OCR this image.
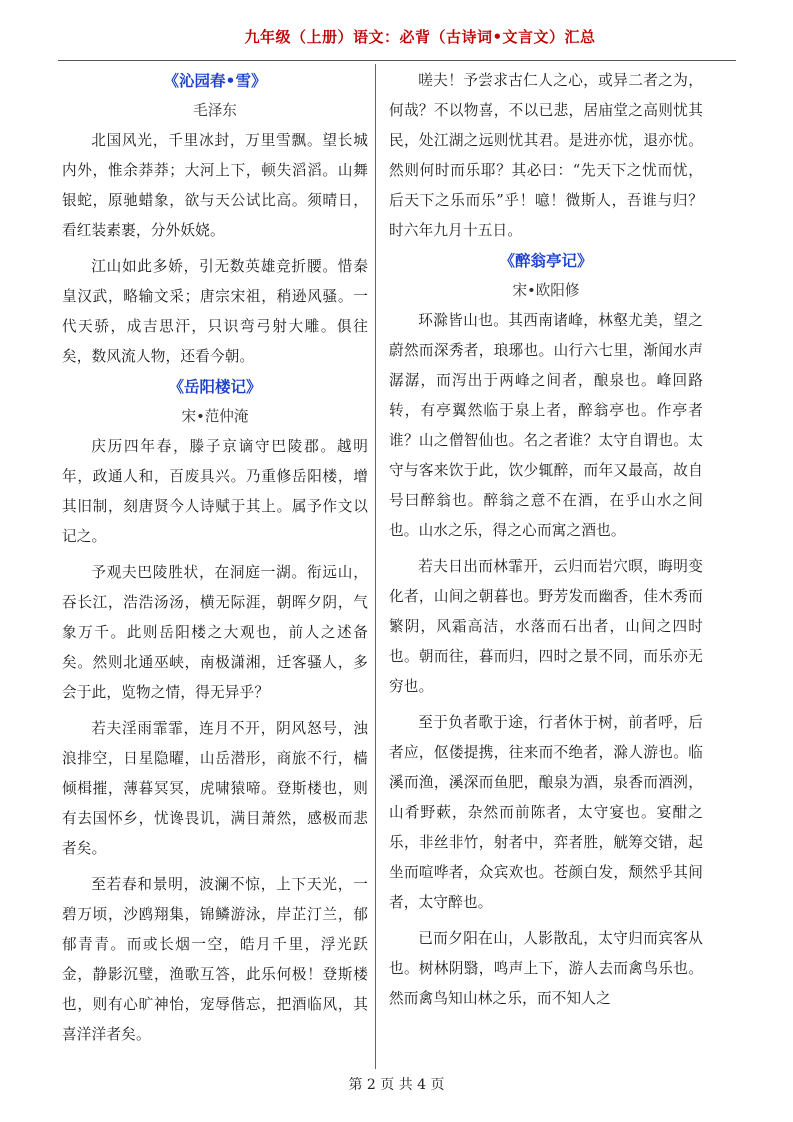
九年级（上册）语文：必背（古诗词•文言文）汇总
《沁园春•雪》
毛泽东

北国风光，千里冰封，万里雪飘。望长城内外，惟余莽莽；大河上下，顿失滔滔。山舞银蛇，原驰蜡象，欲与天公试比高。须晴日，看红装素裹，分外妖娆。

江山如此多娇，引无数英雄竞折腰。惜秦皇汉武，略输文采；唐宗宋祖，稍逊风骚。一代天骄，成吉思汗，只识弯弓射大雕。俱往矣，数风流人物，还看今朝。

《岳阳楼记》
宋•范仲淹

庆历四年春，滕子京谪守巴陵郡。越明年，政通人和，百废具兴。乃重修岳阳楼，增其旧制，刻唐贤今人诗赋于其上。属予作文以记之。

予观夫巴陵胜状，在洞庭一湖。衔远山，吞长江，浩浩汤汤，横无际涯，朝晖夕阴，气象万千。此则岳阳楼之大观也，前人之述备矣。然则北通巫峡，南极潇湘，迁客骚人，多会于此，览物之情，得无异乎？

若夫淫雨霏霏，连月不开，阴风怒号，浊浪排空，日星隐曜，山岳潜形，商旅不行，樯倾楫摧，薄暮冥冥，虎啸猿啼。登斯楼也，则有去国怀乡，忧谗畏讥，满目萧然，感极而悲者矣。

至若春和景明，波澜不惊，上下天光，一碧万顷，沙鸥翔集，锦鳞游泳，岸芷汀兰，郁郁青青。而或长烟一空，皓月千里，浮光跃金，静影沉璧，渔歌互答，此乐何极！登斯楼也，则有心旷神怡，宠辱偕忘，把酒临风，其喜洋洋者矣。

嗟夫！予尝求古仁人之心，或异二者之为，何哉？不以物喜，不以已悲，居庙堂之高则忧其民，处江湖之远则忧其君。是进亦忧，退亦忧。然则何时而乐耶？其必曰：“先天下之忧而忧，后天下之乐而乐”乎！噫！微斯人，吾谁与归？时六年九月十五日。

《醉翁亭记》
宋•欧阳修

环滁皆山也。其西南诸峰，林壑尤美，望之蔚然而深秀者，琅琊也。山行六七里，渐闻水声潺潺，而泻出于两峰之间者，酿泉也。峰回路转，有亭翼然临于泉上者，醉翁亭也。作亭者谁？山之僧智仙也。名之者谁？太守自谓也。太守与客来饮于此，饮少辄醉，而年又最高，故自号曰醉翁也。醉翁之意不在酒，在乎山水之间也。山水之乐，得之心而寓之酒也。

若夫日出而林霏开，云归而岩穴暝，晦明变化者，山间之朝暮也。野芳发而幽香，佳木秀而繁阴，风霜高洁，水落而石出者，山间之四时也。朝而往，暮而归，四时之景不同，而乐亦无穷也。

至于负者歌于途，行者休于树，前者呼，后者应，伛偻提携，往来而不绝者，滁人游也。临溪而渔，溪深而鱼肥，酿泉为酒，泉香而酒洌，山肴野蔌，杂然而前陈者，太守宴也。宴酣之乐，非丝非竹，射者中，弈者胜，觥筹交错，起坐而喧哗者，众宾欢也。苍颜白发，颓然乎其间者，太守醉也。

已而夕阳在山，人影散乱，太守归而宾客从也。树林阴翳，鸣声上下，游人去而禽鸟乐也。然而禽鸟知山林之乐，而不知人之

第 2 页 共 4 页
